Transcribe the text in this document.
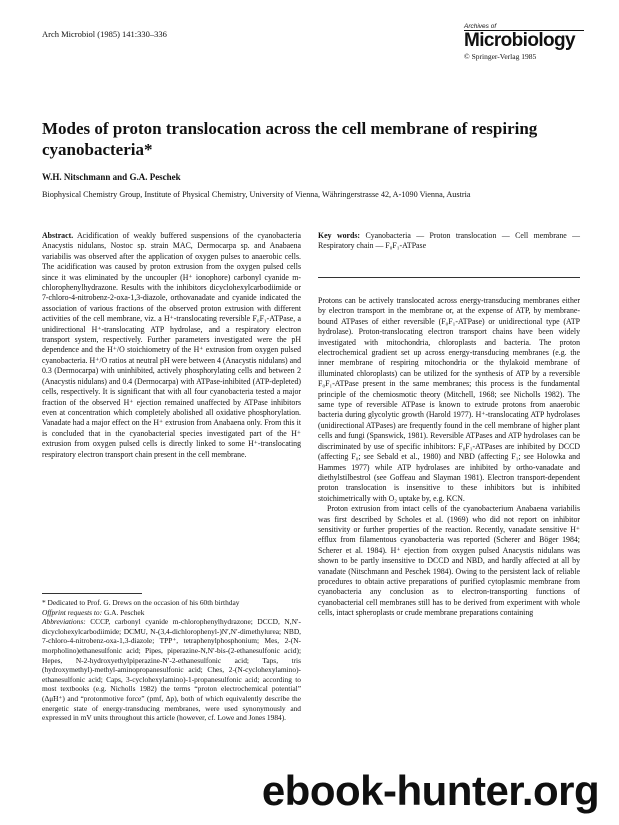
Arch Microbiol (1985) 141:330–336
Archives of
Microbiology
© Springer-Verlag 1985
Modes of proton translocation across the cell membrane of respiring cyanobacteria*
W.H. Nitschmann and G.A. Peschek
Biophysical Chemistry Group, Institute of Physical Chemistry, University of Vienna, Währingerstrasse 42, A-1090 Vienna, Austria
Abstract. Acidification of weakly buffered suspensions of the cyanobacteria Anacystis nidulans, Nostoc sp. strain MAC, Dermocarpa sp. and Anabaena variabilis was observed after the application of oxygen pulses to anaerobic cells. The acidification was caused by proton extrusion from the oxygen pulsed cells since it was eliminated by the uncoupler (H⁺ ionophore) carbonyl cyanide m-chlorophenylhydrazone. Results with the inhibitors dicyclohexylcarbodiimide or 7-chloro-4-nitrobenz-2-oxa-1,3-diazole, orthovanadate and cyanide indicated the association of various fractions of the observed proton extrusion with different activities of the cell membrane, viz. a H⁺-translocating reversible F₀F₁-ATPase, a unidirectional H⁺-translocating ATP hydrolase, and a respiratory electron transport system, respectively. Further parameters investigated were the pH dependence and the H⁺/O stoichiometry of the H⁺ extrusion from oxygen pulsed cyanobacteria. H⁺/O ratios at neutral pH were between 4 (Anacystis nidulans) and 0.3 (Dermocarpa) with uninhibited, actively phosphorylating cells and between 2 (Anacystis nidulans) and 0.4 (Dermocarpa) with ATPase-inhibited (ATP-depleted) cells, respectively. It is significant that with all four cyanobacteria tested a major fraction of the observed H⁺ ejection remained unaffected by ATPase inhibitors even at concentration which completely abolished all oxidative phosphorylation. Vanadate had a major effect on the H⁺ extrusion from Anabaena only. From this it is concluded that in the cyanobacterial species investigated part of the H⁺ extrusion from oxygen pulsed cells is directly linked to some H⁺-translocating respiratory electron transport chain present in the cell membrane.
Key words: Cyanobacteria — Proton translocation — Cell membrane — Respiratory chain — F₀F₁-ATPase

Protons can be actively translocated across energy-transducing membranes either by electron transport in the membrane or, at the expense of ATP, by membrane-bound ATPases of either reversible (F₀F₁-ATPase) or unidirectional type (ATP hydrolase). Proton-translocating electron transport chains have been widely investigated with mitochondria, chloroplasts and bacteria. The proton electrochemical gradient set up across energy-transducing membranes (e.g. the inner membrane of respiring mitochondria or the thylakoid membrane of illuminated chloroplasts) can be utilized for the synthesis of ATP by a reversible F₀F₁-ATPase present in the same membranes; this process is the fundamental principle of the chemiosmotic theory (Mitchell, 1968; see Nicholls 1982). The same type of reversible ATPase is known to extrude protons from anaerobic bacteria during glycolytic growth (Harold 1977). H⁺-translocating ATP hydrolases (unidirectional ATPases) are frequently found in the cell membrane of higher plant cells and fungi (Spanswick, 1981). Reversible ATPases and ATP hydrolases can be discriminated by use of specific inhibitors: F₀F₁-ATPases are inhibited by DCCD (affecting F₀; see Sebald et al., 1980) and NBD (affecting F₁; see Holowka and Hammes 1977) while ATP hydrolases are inhibited by ortho-vanadate and diethylstilbestrol (see Goffeau and Slayman 1981). Electron transport-dependent proton translocation is insensitive to these inhibitors but is inhibited stoichimetrically with O₂ uptake by, e.g. KCN.

Proton extrusion from intact cells of the cyanobacterium Anabaena variabilis was first described by Scholes et al. (1969) who did not report on inhibitor sensitivity or further properties of the reaction. Recently, vanadate sensitive H⁺ efflux from filamentous cyanobacteria was reported (Scherer and Böger 1984; Scherer et al. 1984). H⁺ ejection from oxygen pulsed Anacystis nidulans was shown to be partly insensitive to DCCD and NBD, and hardly affected at all by vanadate (Nitschmann and Peschek 1984). Owing to the persistent lack of reliable procedures to obtain active preparations of purified cytoplasmic membrane from cyanobacteria any conclusion as to electron-transporting functions of cyanobacterial cell membranes still has to be derived from experiment with whole cells, intact spheroplasts or crude membrane preparations containing

* Dedicated to Prof. G. Drews on the occasion of his 60th birthday

Offprint requests to: G.A. Peschek

Abbreviations: CCCP, carbonyl cyanide m-chlorophenylhydrazone; DCCD, N,N′-dicyclohexylcarbodiimide; DCMU, N-(3,4-dichlorophenyl-)N′,N′-dimethylurea; NBD, 7-chloro-4-nitrobenz-oxa-1,3-diazole; TPP⁺, tetraphenylphosphonium; Mes, 2-(N-morpholino)ethanesulfonic acid; Pipes, piperazine-N,N′-bis-(2-ethanesulfonic acid); Hepes, N-2-hydroxyethylpiperazine-N′-2-ethanesulfonic acid; Taps, tris (hydroxymethyl)-methyl-aminopropanesulfonic acid; Ches, 2-(N-cyclohexylamino)-ethanesulfonic acid; Caps, 3-cyclohexylamino)-1-propanesulfonic acid; according to most textbooks (e.g. Nicholls 1982) the terms “proton electrochemical potential” (Δμ̃H⁺) and “protonmotive force” (pmf, Δp), both of which equivalently describe the energetic state of energy-transducing membranes, were used synonymously and expressed in mV units throughout this article (however, cf. Lowe and Jones 1984).

ebook-hunter.org
